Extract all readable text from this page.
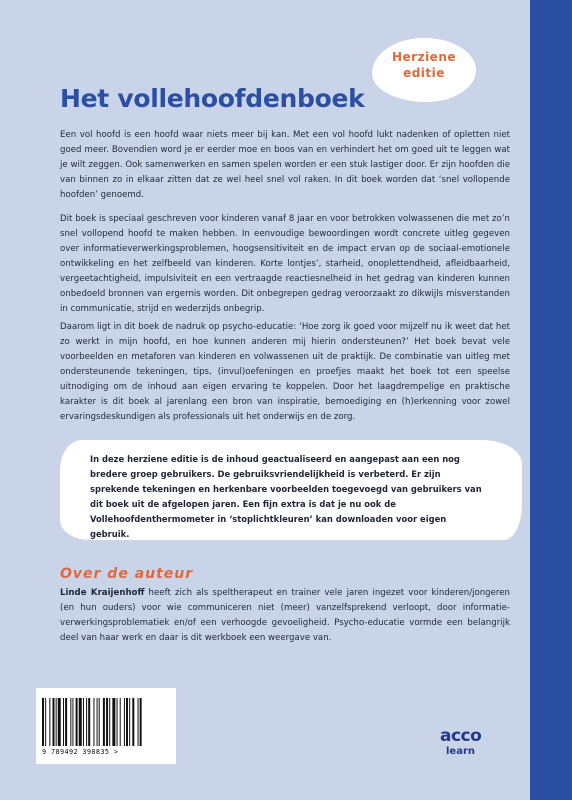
Herziene
editie
Het vollehoofdenboek

Een vol hoofd is een hoofd waar niets meer bij kan. Met een vol hoofd lukt nadenken of opletten niet goed meer. Bovendien word je er eerder moe en boos van en verhindert het om goed uit te leggen wat je wilt zeggen. Ook samenwerken en samen spelen worden er een stuk lastiger door. Er zijn hoofden die van binnen zo in elkaar zitten dat ze wel heel snel vol raken. In dit boek worden dat ‘snel vollopende hoofden’ genoemd.

Dit boek is speciaal geschreven voor kinderen vanaf 8 jaar en voor betrokken volwassenen die met zo’n snel vollopend hoofd te maken hebben. In eenvoudige bewoordingen wordt concrete uitleg gegeven over informatieverwerkingsproblemen, hoogsensitiviteit en de impact ervan op de sociaal-emotionele ontwikkeling en het zelfbeeld van kinderen. Korte lontjes’, starheid, onoplettendheid, afleidbaarheid, vergeetachtigheid, impulsiviteit en een vertraagde reactiesnelheid in het gedrag van kinderen kunnen onbedoeld bronnen van ergernis worden. Dit onbegrepen gedrag veroorzaakt zo dikwijls misverstanden in communicatie, strijd en wederzijds onbegrip.

Daarom ligt in dit boek de nadruk op psycho-educatie: ‘Hoe zorg ik goed voor mijzelf nu ik weet dat het zo werkt in mijn hoofd, en hoe kunnen anderen mij hierin ondersteunen?’ Het boek bevat vele voorbeelden en metaforen van kinderen en volwassenen uit de praktijk. De combinatie van uitleg met ondersteunende tekeningen, tips, (invul)oefeningen en proefjes maakt het boek tot een speelse uitnodiging om de inhoud aan eigen ervaring te koppelen. Door het laagdrempelige en praktische karakter is dit boek al jarenlang een bron van inspiratie, bemoediging en (h)erkenning voor zowel ervaringsdeskundigen als professionals uit het onderwijs en de zorg.

In deze herziene editie is de inhoud geactualiseerd en aangepast aan een nog bredere groep gebruikers. De gebruiksvriendelijkheid is verbeterd. Er zijn sprekende tekeningen en herkenbare voorbeelden toegevoegd van gebruikers van dit boek uit de afgelopen jaren. Een fijn extra is dat je nu ook de Vollehoofdenthermometer in ‘stoplichtkleuren’ kan downloaden voor eigen gebruik.

Over de auteur

Linde Kraijenhoff heeft zich als speltherapeut en trainer vele jaren ingezet voor kinderen/jongeren (en hun ouders) voor wie communiceren niet (meer) vanzelfsprekend verloopt, door informatieverwerkingsproblematiek en/of een verhoogde gevoeligheid. Psycho-educatie vormde een belangrijk deel van haar werk en daar is dit werkboek een weergave van.

9 789492 398835 >
acco
learn
